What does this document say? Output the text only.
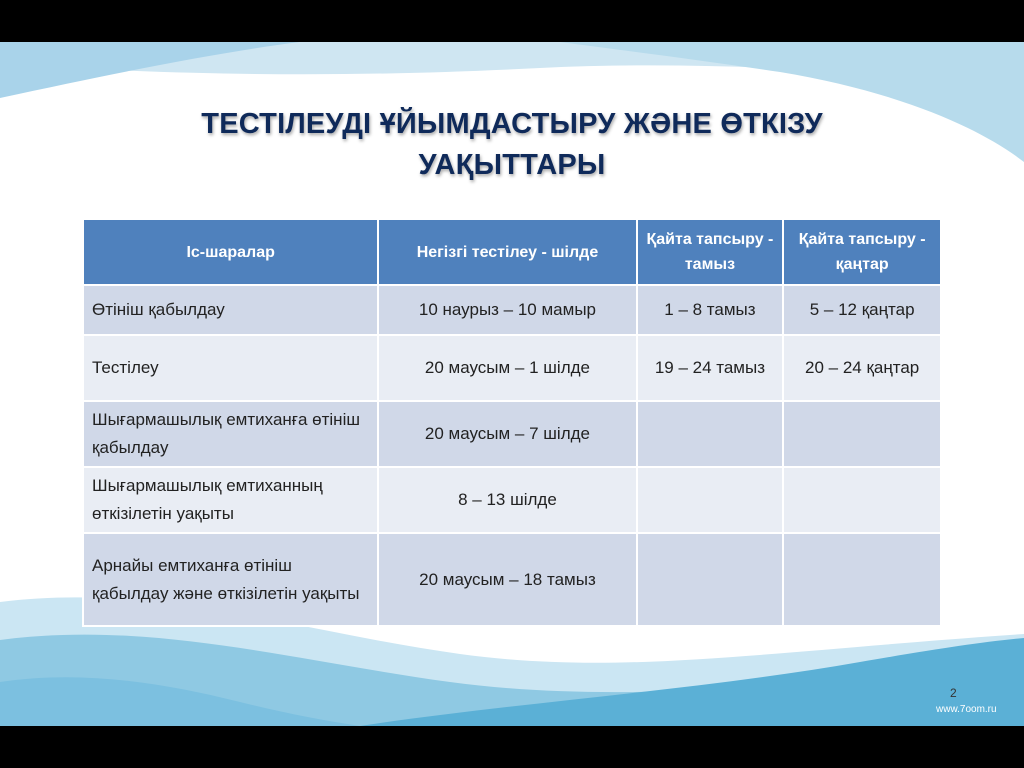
ТЕСТІЛЕУДІ ҰЙЫМДАСТЫРУ ЖӘНЕ ӨТКІЗУ
УАҚЫТТАРЫ
Іс-шаралар	Негізгі тестілеу - шілде	Қайта тапсыру - тамыз	Қайта тапсыру - қаңтар
Өтініш қабылдау	10 наурыз – 10 мамыр	1 – 8 тамыз	5 – 12 қаңтар
Тестілеу	20 маусым – 1 шілде	19 – 24 тамыз	20 – 24 қаңтар
Шығармашылық емтиханға өтініш қабылдау	20 маусым – 7 шілде		
Шығармашылық емтиханның өткізілетін уақыты	8 – 13 шілде		
Арнайы емтиханға өтініш қабылдау және өткізілетін уақыты	20 маусым – 18 тамыз		
2
www.7oom.ru
